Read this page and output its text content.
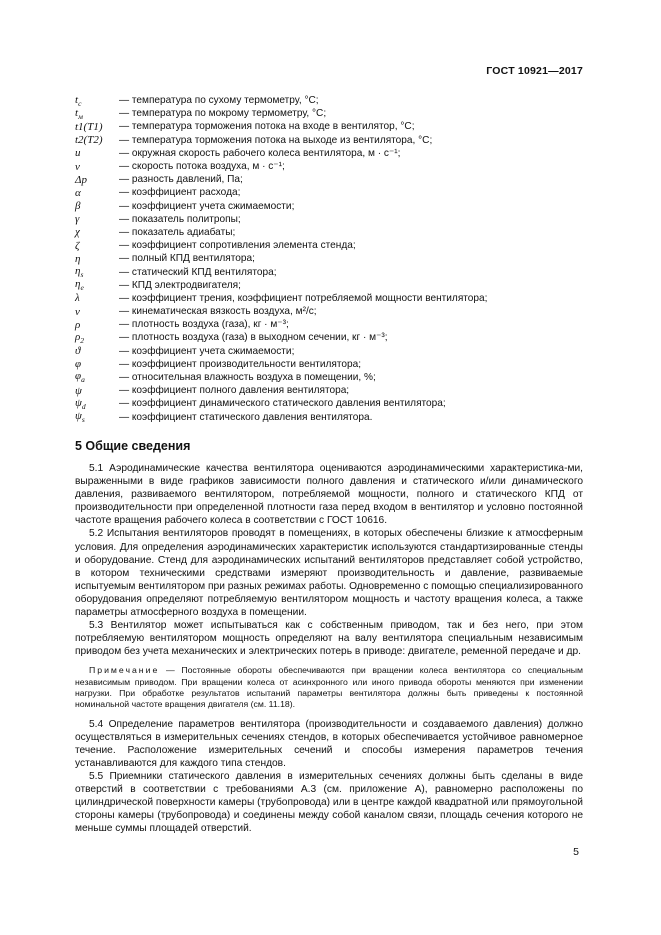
ГОСТ 10921—2017
$t_c$	— температура по сухому термометру, °С;
$t_м$	— температура по мокрому термометру, °С;
t1(T1)	— температура торможения потока на входе в вентилятор, °С;
t2(T2)	— температура торможения потока на выходе из вентилятора, °С;
u	— окружная скорость рабочего колеса вентилятора, м · с⁻¹;
v	— скорость потока воздуха, м · с⁻¹;
Δp	— разность давлений, Па;
α	— коэффициент расхода;
β	— коэффициент учета сжимаемости;
γ	— показатель политропы;
χ	— показатель адиабаты;
ζ	— коэффициент сопротивления элемента стенда;
η	— полный КПД вентилятора;
$\eta_s$	— статический КПД вентилятора;
$\eta_e$	— КПД электродвигателя;
λ	— коэффициент трения, коэффициент потребляемой мощности вентилятора;
ν	— кинематическая вязкость воздуха, м²/с;
ρ	— плотность воздуха (газа), кг · м⁻³;
$\rho_2$	— плотность воздуха (газа) в выходном сечении, кг · м⁻³;
ϑ	— коэффициент учета сжимаемости;
φ	— коэффициент производительности вентилятора;
$\varphi_а$	— относительная влажность воздуха в помещении, %;
ψ	— коэффициент полного давления вентилятора;
$\psi_d$	— коэффициент динамического статического давления вентилятора;
$\psi_s$	— коэффициент статического давления вентилятора.
5 Общие сведения

5.1 Аэродинамические качества вентилятора оцениваются аэродинамическими характеристика-ми, выраженными в виде графиков зависимости полного давления и статического и/или динамического давления, развиваемого вентилятором, потребляемой мощности, полного и статического КПД от производительности при определенной плотности газа перед входом в вентилятор и условно постоянной частоте вращения рабочего колеса в соответствии с ГОСТ 10616.

5.2 Испытания вентиляторов проводят в помещениях, в которых обеспечены близкие к атмосферным условия. Для определения аэродинамических характеристик используются стандартизированные стенды и оборудование. Стенд для аэродинамических испытаний вентиляторов представляет собой устройство, в котором техническими средствами измеряют производительность и давление, развиваемые испытуемым вентилятором при разных режимах работы. Одновременно с помощью специализированного оборудования определяют потребляемую вентилятором мощность и частоту вращения колеса, а также параметры атмосферного воздуха в помещении.

5.3 Вентилятор может испытываться как с собственным приводом, так и без него, при этом потребляемую вентилятором мощность определяют на валу вентилятора специальным независимым приводом без учета механических и электрических потерь в приводе: двигателе, ременной передаче и др.

Примечание — Постоянные обороты обеспечиваются при вращении колеса вентилятора со специальным независимым приводом. При вращении колеса от асинхронного или иного привода обороты меняются при изменении нагрузки. При обработке результатов испытаний параметры вентилятора должны быть приведены к постоянной номинальной частоте вращения двигателя (см. 11.18).

5.4 Определение параметров вентилятора (производительности и создаваемого давления) должно осуществляться в измерительных сечениях стендов, в которых обеспечивается устойчивое равномерное течение. Расположение измерительных сечений и способы измерения параметров течения устанавливаются для каждого типа стендов.

5.5 Приемники статического давления в измерительных сечениях должны быть сделаны в виде отверстий в соответствии с требованиями А.3 (см. приложение А), равномерно расположены по цилиндрической поверхности камеры (трубопровода) или в центре каждой квадратной или прямоугольной стороны камеры (трубопровода) и соединены между собой каналом связи, площадь сечения которого не меньше суммы площадей отверстий.

5
